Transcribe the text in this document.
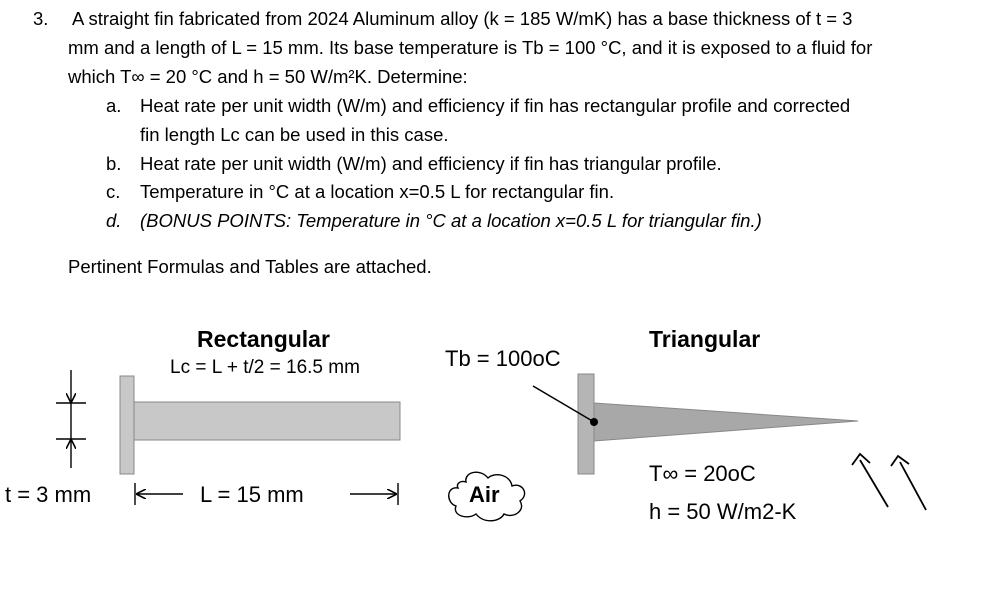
3. A straight fin fabricated from 2024 Aluminum alloy (k = 185 W/mK) has a base thickness of t = 3
mm and a length of L = 15 mm. Its base temperature is Tb = 100 °C, and it is exposed to a fluid for
which T∞ = 20 °C and h = 50 W/m²K. Determine:
a. Heat rate per unit width (W/m) and efficiency if fin has rectangular profile and corrected
fin length Lc can be used in this case.
b. Heat rate per unit width (W/m) and efficiency if fin has triangular profile.
c. Temperature in °C at a location x=0.5 L for rectangular fin.
d. (BONUS POINTS: Temperature in °C at a location x=0.5 L for triangular fin.)
Pertinent Formulas and Tables are attached.
Rectangular
Lc = L + t/2 = 16.5 mm
t = 3 mm	L = 15 mm
Tb = 100oC
Triangular
T∞ = 20oC
h = 50 W/m2-K
Air
